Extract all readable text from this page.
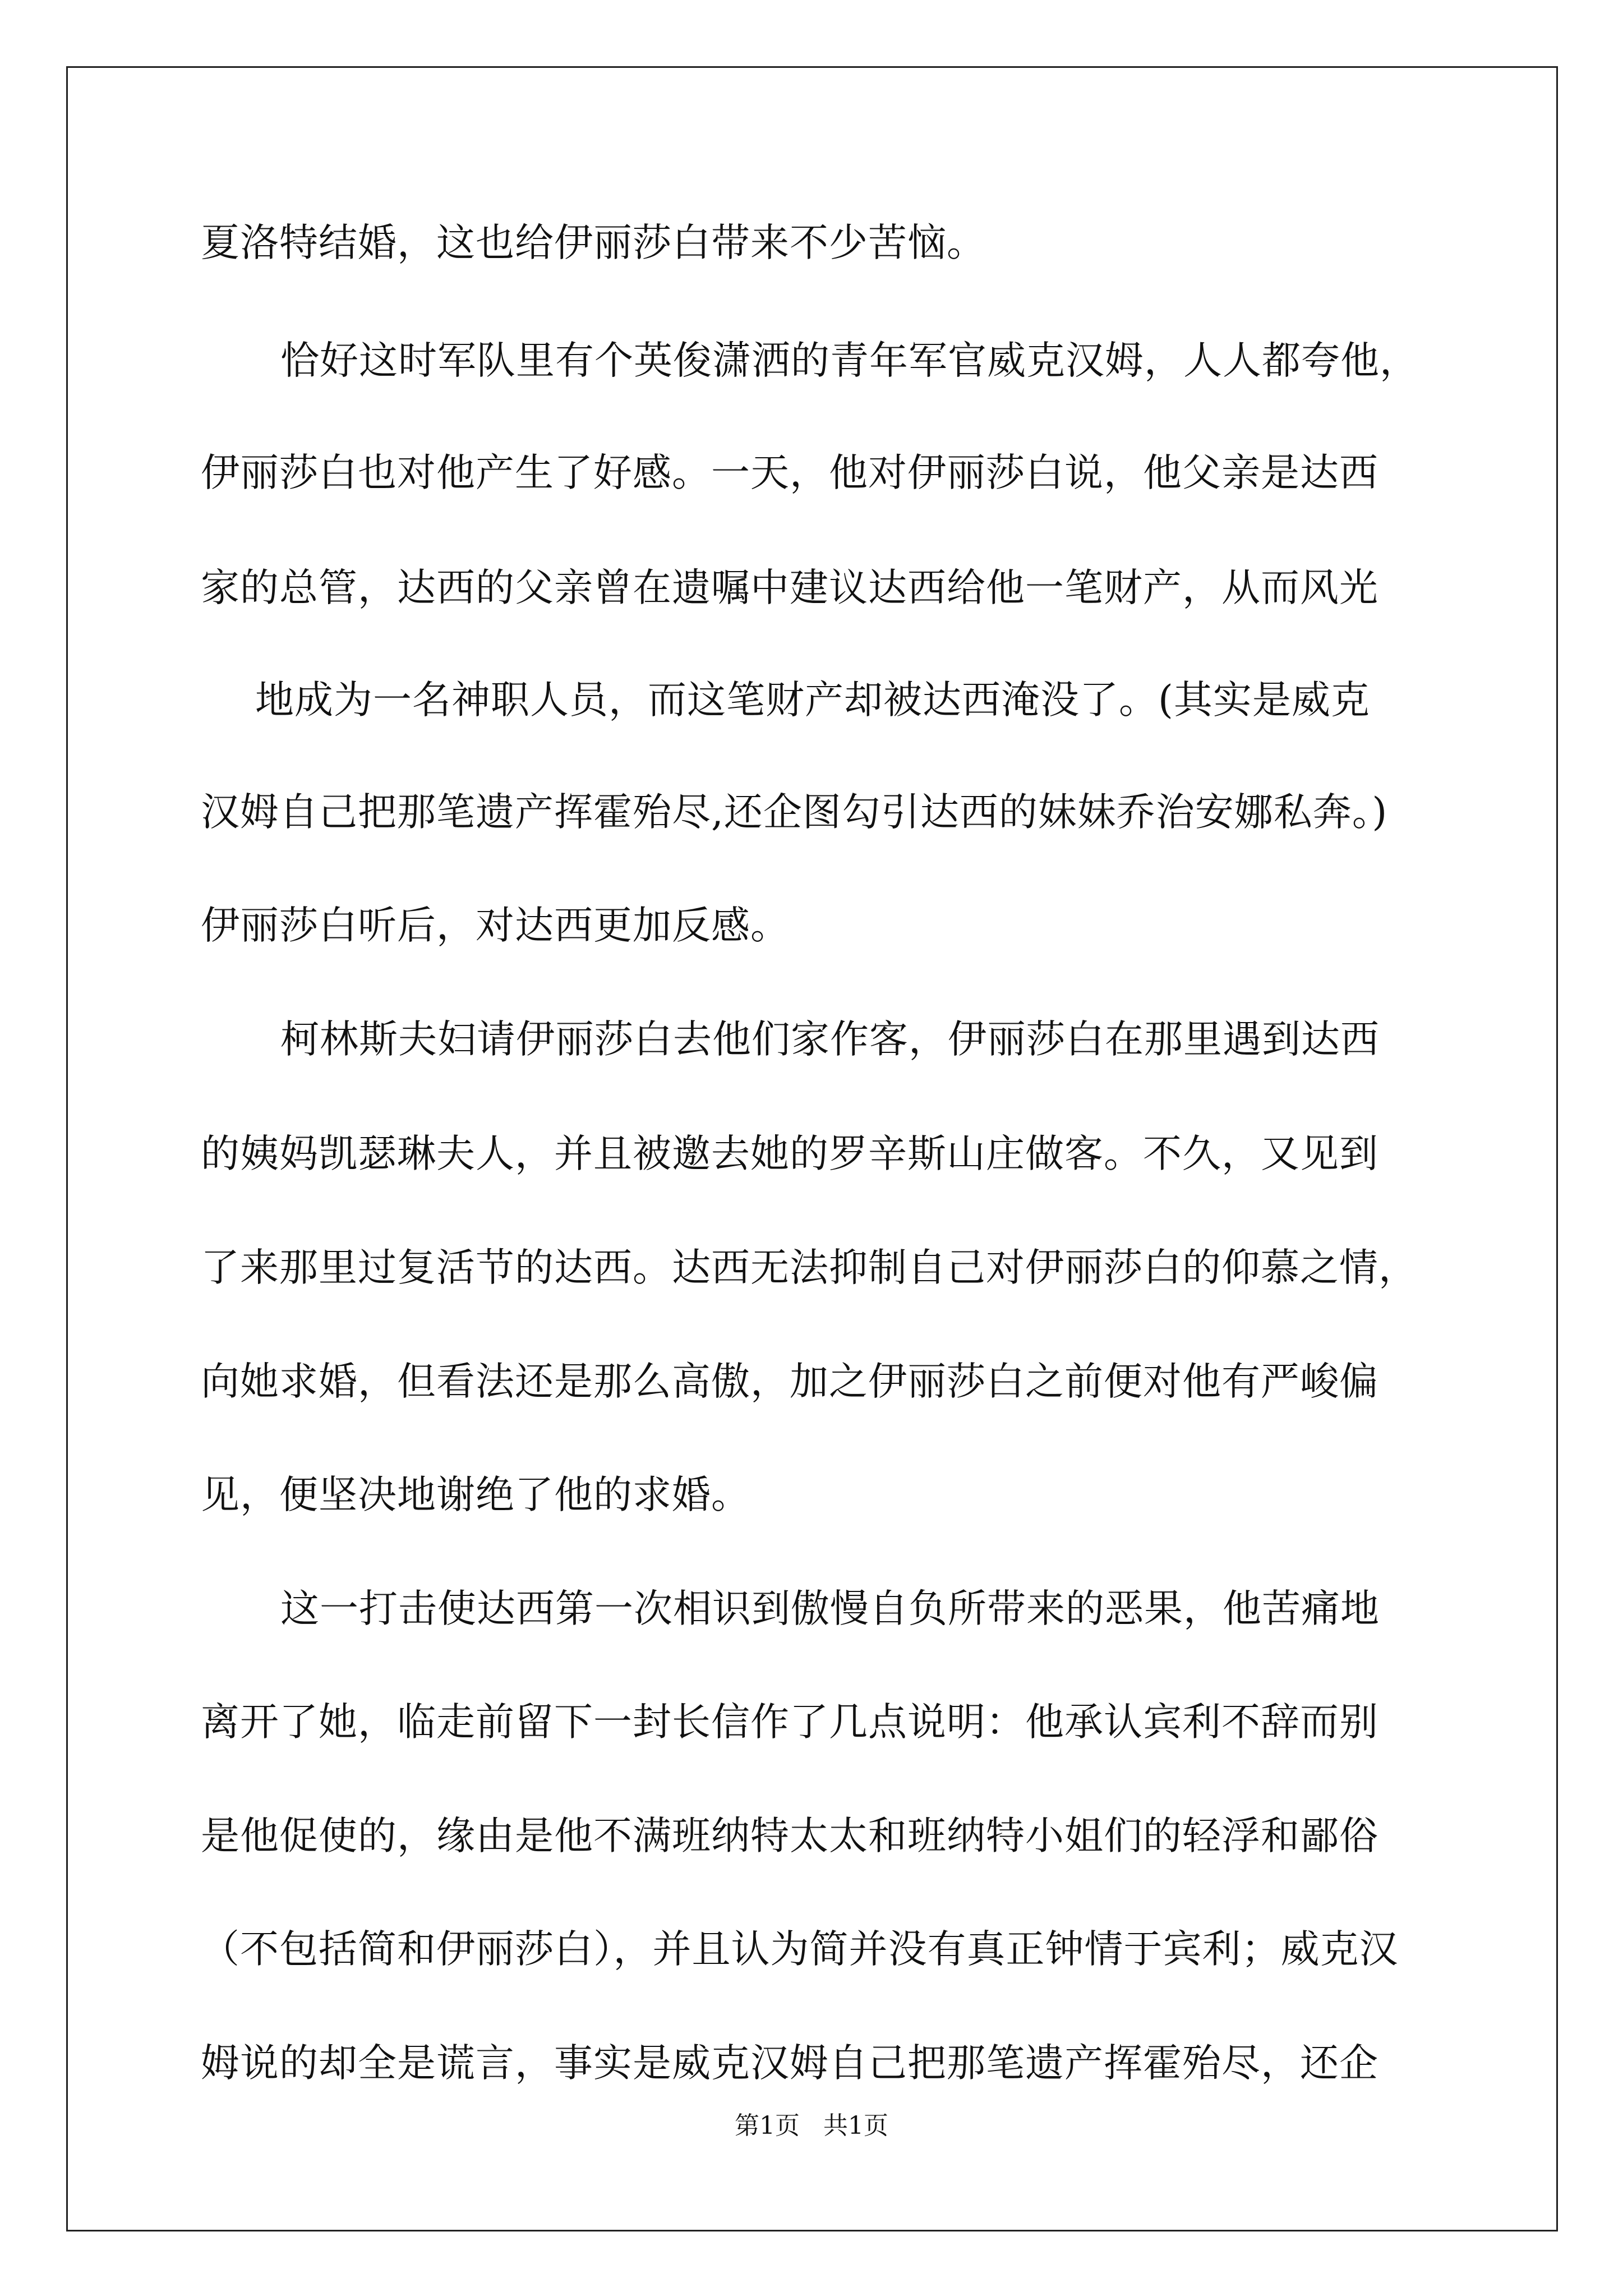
夏洛特结婚，这也给伊丽莎白带来不少苦恼。
恰好这时军队里有个英俊潇洒的青年军官威克汉姆，人人都夸他，
伊丽莎白也对他产生了好感。一天，他对伊丽莎白说，他父亲是达西
家的总管，达西的父亲曾在遗嘱中建议达西给他一笔财产，从而风光
地成为一名神职人员，而这笔财产却被达西淹没了。(其实是威克
汉姆自己把那笔遗产挥霍殆尽,还企图勾引达西的妹妹乔治安娜私奔。)
伊丽莎白听后，对达西更加反感。
柯林斯夫妇请伊丽莎白去他们家作客，伊丽莎白在那里遇到达西
的姨妈凯瑟琳夫人，并且被邀去她的罗辛斯山庄做客。不久，又见到
了来那里过复活节的达西。达西无法抑制自己对伊丽莎白的仰慕之情，
向她求婚，但看法还是那么高傲，加之伊丽莎白之前便对他有严峻偏
见，便坚决地谢绝了他的求婚。
这一打击使达西第一次相识到傲慢自负所带来的恶果，他苦痛地
离开了她，临走前留下一封长信作了几点说明：他承认宾利不辞而别
是他促使的，缘由是他不满班纳特太太和班纳特小姐们的轻浮和鄙俗
（不包括简和伊丽莎白），并且认为简并没有真正钟情于宾利；威克汉
姆说的却全是谎言，事实是威克汉姆自己把那笔遗产挥霍殆尽，还企
第1页   共1页
